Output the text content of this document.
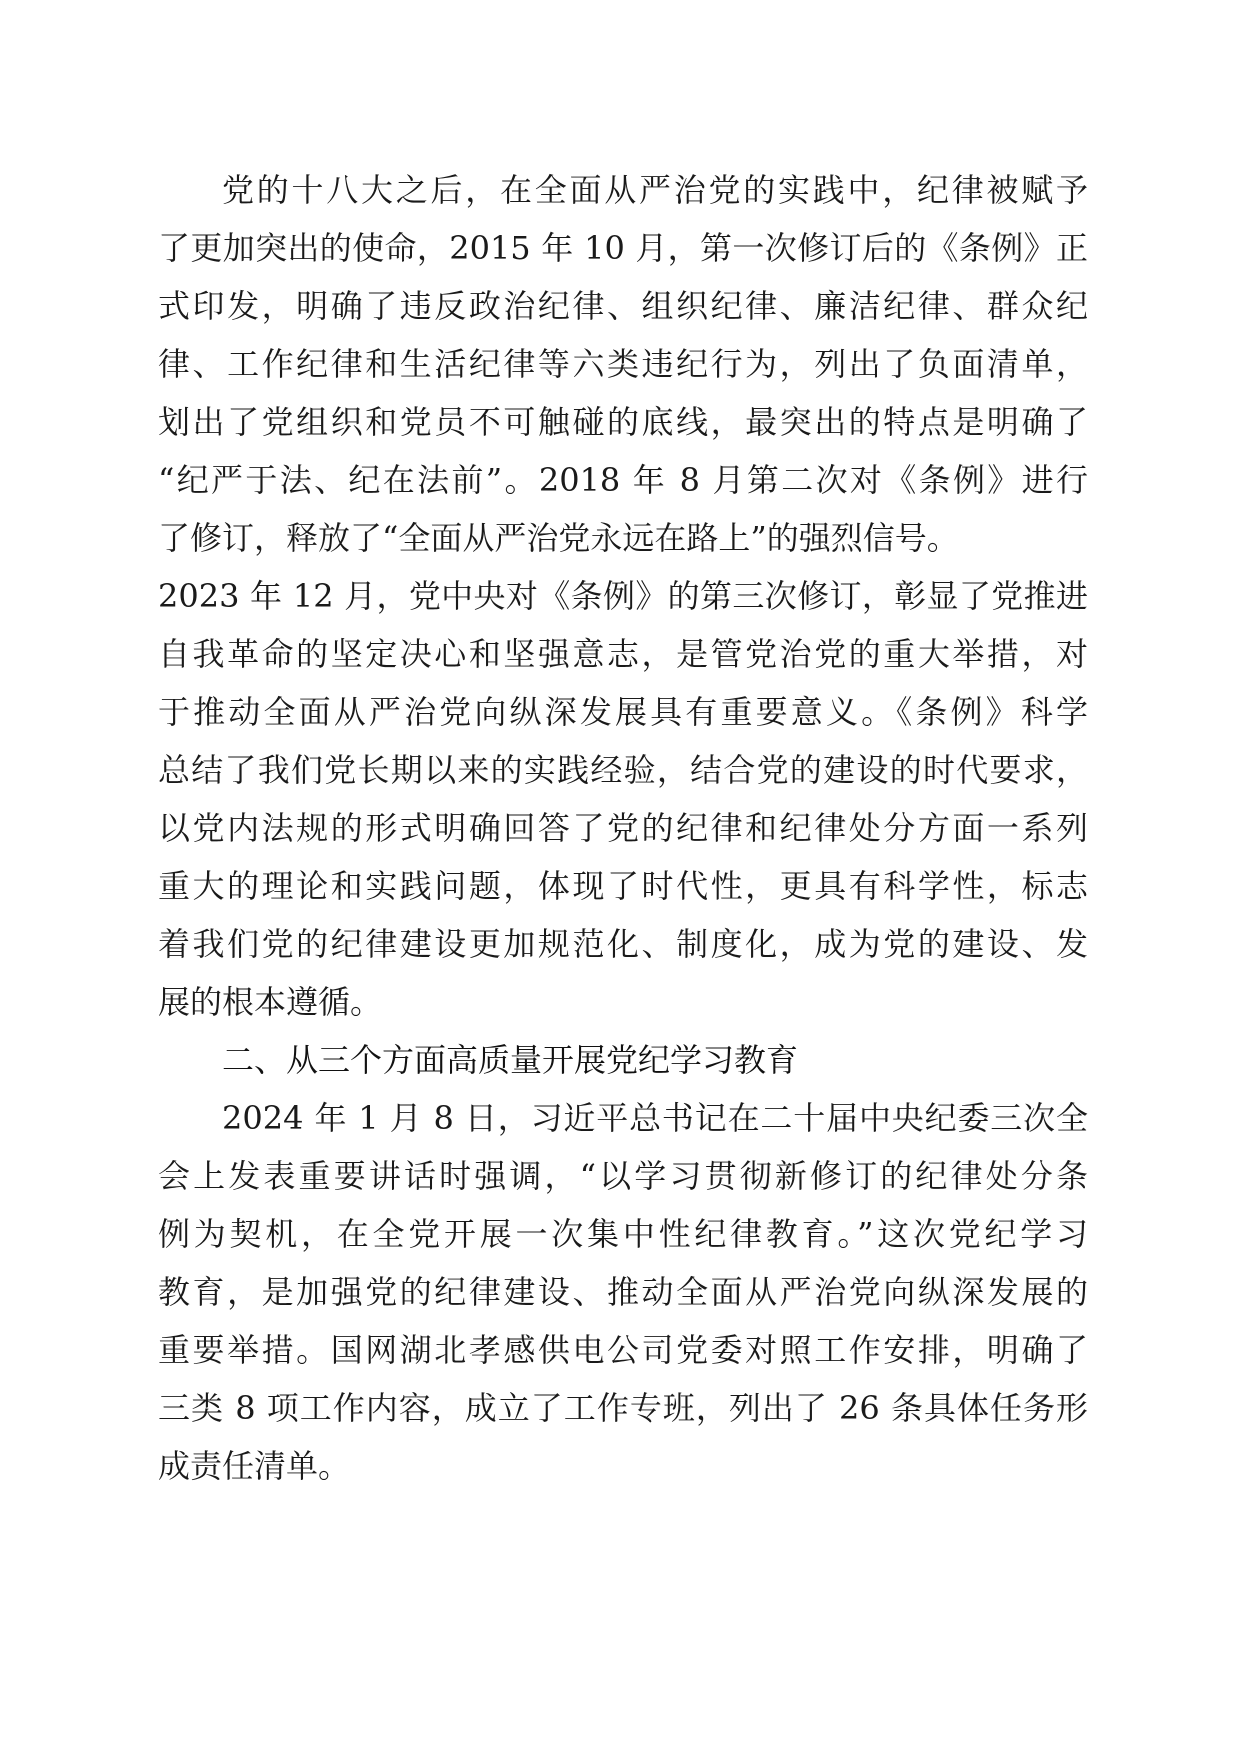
党的十八大之后，在全面从严治党的实践中，纪律被赋予
了更加突出的使命，2015 年 10 月，第一次修订后的《条例》正
式印发，明确了违反政治纪律、组织纪律、廉洁纪律、群众纪
律、工作纪律和生活纪律等六类违纪行为，列出了负面清单，
划出了党组织和党员不可触碰的底线，最突出的特点是明确了
“纪严于法、纪在法前”。2018 年 8 月第二次对《条例》进行
了修订，释放了“全面从严治党永远在路上”的强烈信号。
2023 年 12 月，党中央对《条例》的第三次修订，彰显了党推进
自我革命的坚定决心和坚强意志，是管党治党的重大举措，对
于推动全面从严治党向纵深发展具有重要意义。《条例》科学
总结了我们党长期以来的实践经验，结合党的建设的时代要求，
以党内法规的形式明确回答了党的纪律和纪律处分方面一系列
重大的理论和实践问题，体现了时代性，更具有科学性，标志
着我们党的纪律建设更加规范化、制度化，成为党的建设、发
展的根本遵循。
二、从三个方面高质量开展党纪学习教育
2024 年 1 月 8 日，习近平总书记在二十届中央纪委三次全
会上发表重要讲话时强调，“以学习贯彻新修订的纪律处分条
例为契机，在全党开展一次集中性纪律教育。”这次党纪学习
教育，是加强党的纪律建设、推动全面从严治党向纵深发展的
重要举措。国网湖北孝感供电公司党委对照工作安排，明确了
三类 8 项工作内容，成立了工作专班，列出了 26 条具体任务形
成责任清单。
